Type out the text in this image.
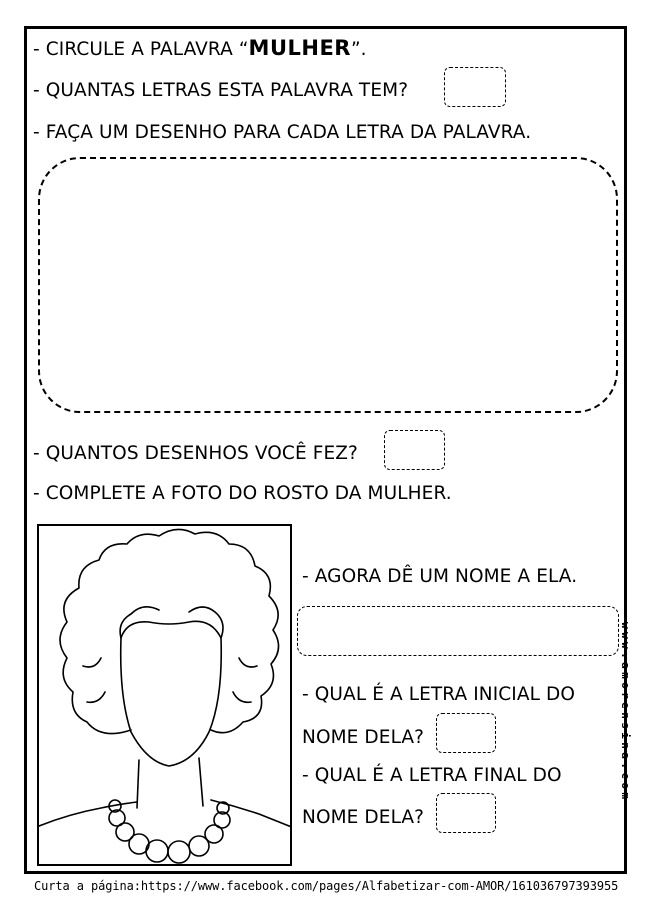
- CIRCULE A PALAVRA “MULHER”.
- QUANTAS LETRAS ESTA PALAVRA TEM?
- FAÇA UM DESENHO PARA CADA LETRA DA PALAVRA.
- QUANTOS DESENHOS VOCÊ FEZ?
- COMPLETE A FOTO DO ROSTO DA MULHER.
- AGORA DÊ UM NOME A ELA.
- QUAL É A LETRA INICIAL DO
NOME DELA?
- QUAL É A LETRA FINAL DO
NOME DELA?
www.amorensina.com
Curta a página:https://www.facebook.com/pages/Alfabetizar-com-AMOR/161036797393955
